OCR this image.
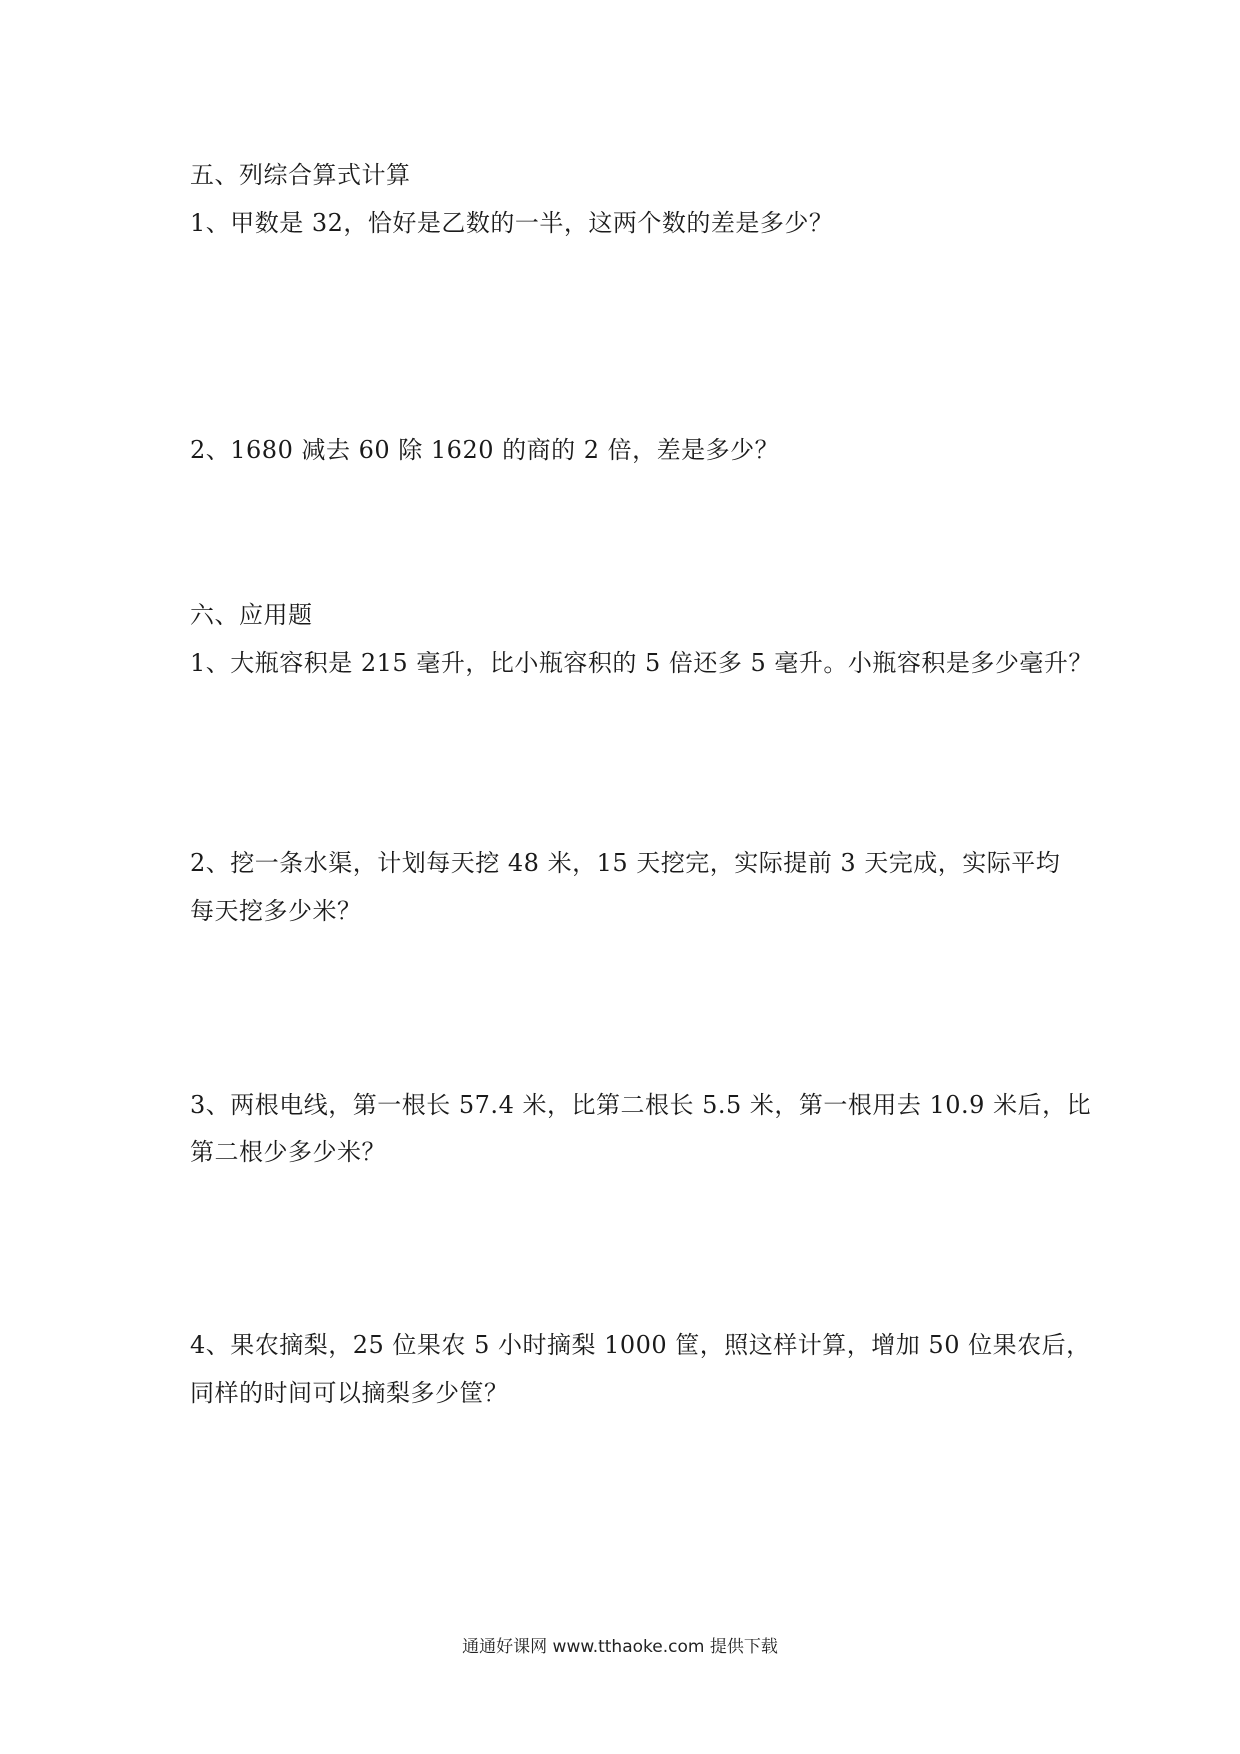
五、列综合算式计算
1、甲数是 32，恰好是乙数的一半，这两个数的差是多少？
2、1680 减去 60 除 1620 的商的 2 倍，差是多少？
六、应用题
1、大瓶容积是 215 毫升，比小瓶容积的 5 倍还多 5 毫升。小瓶容积是多少毫升？
2、挖一条水渠，计划每天挖 48 米，15 天挖完，实际提前 3 天完成，实际平均
每天挖多少米？
3、两根电线，第一根长 57.4 米，比第二根长 5.5 米，第一根用去 10.9 米后，比
第二根少多少米？
4、果农摘梨，25 位果农 5 小时摘梨 1000 筐，照这样计算，增加 50 位果农后，
同样的时间可以摘梨多少筐？
通通好课网 www.tthaoke.com 提供下载
